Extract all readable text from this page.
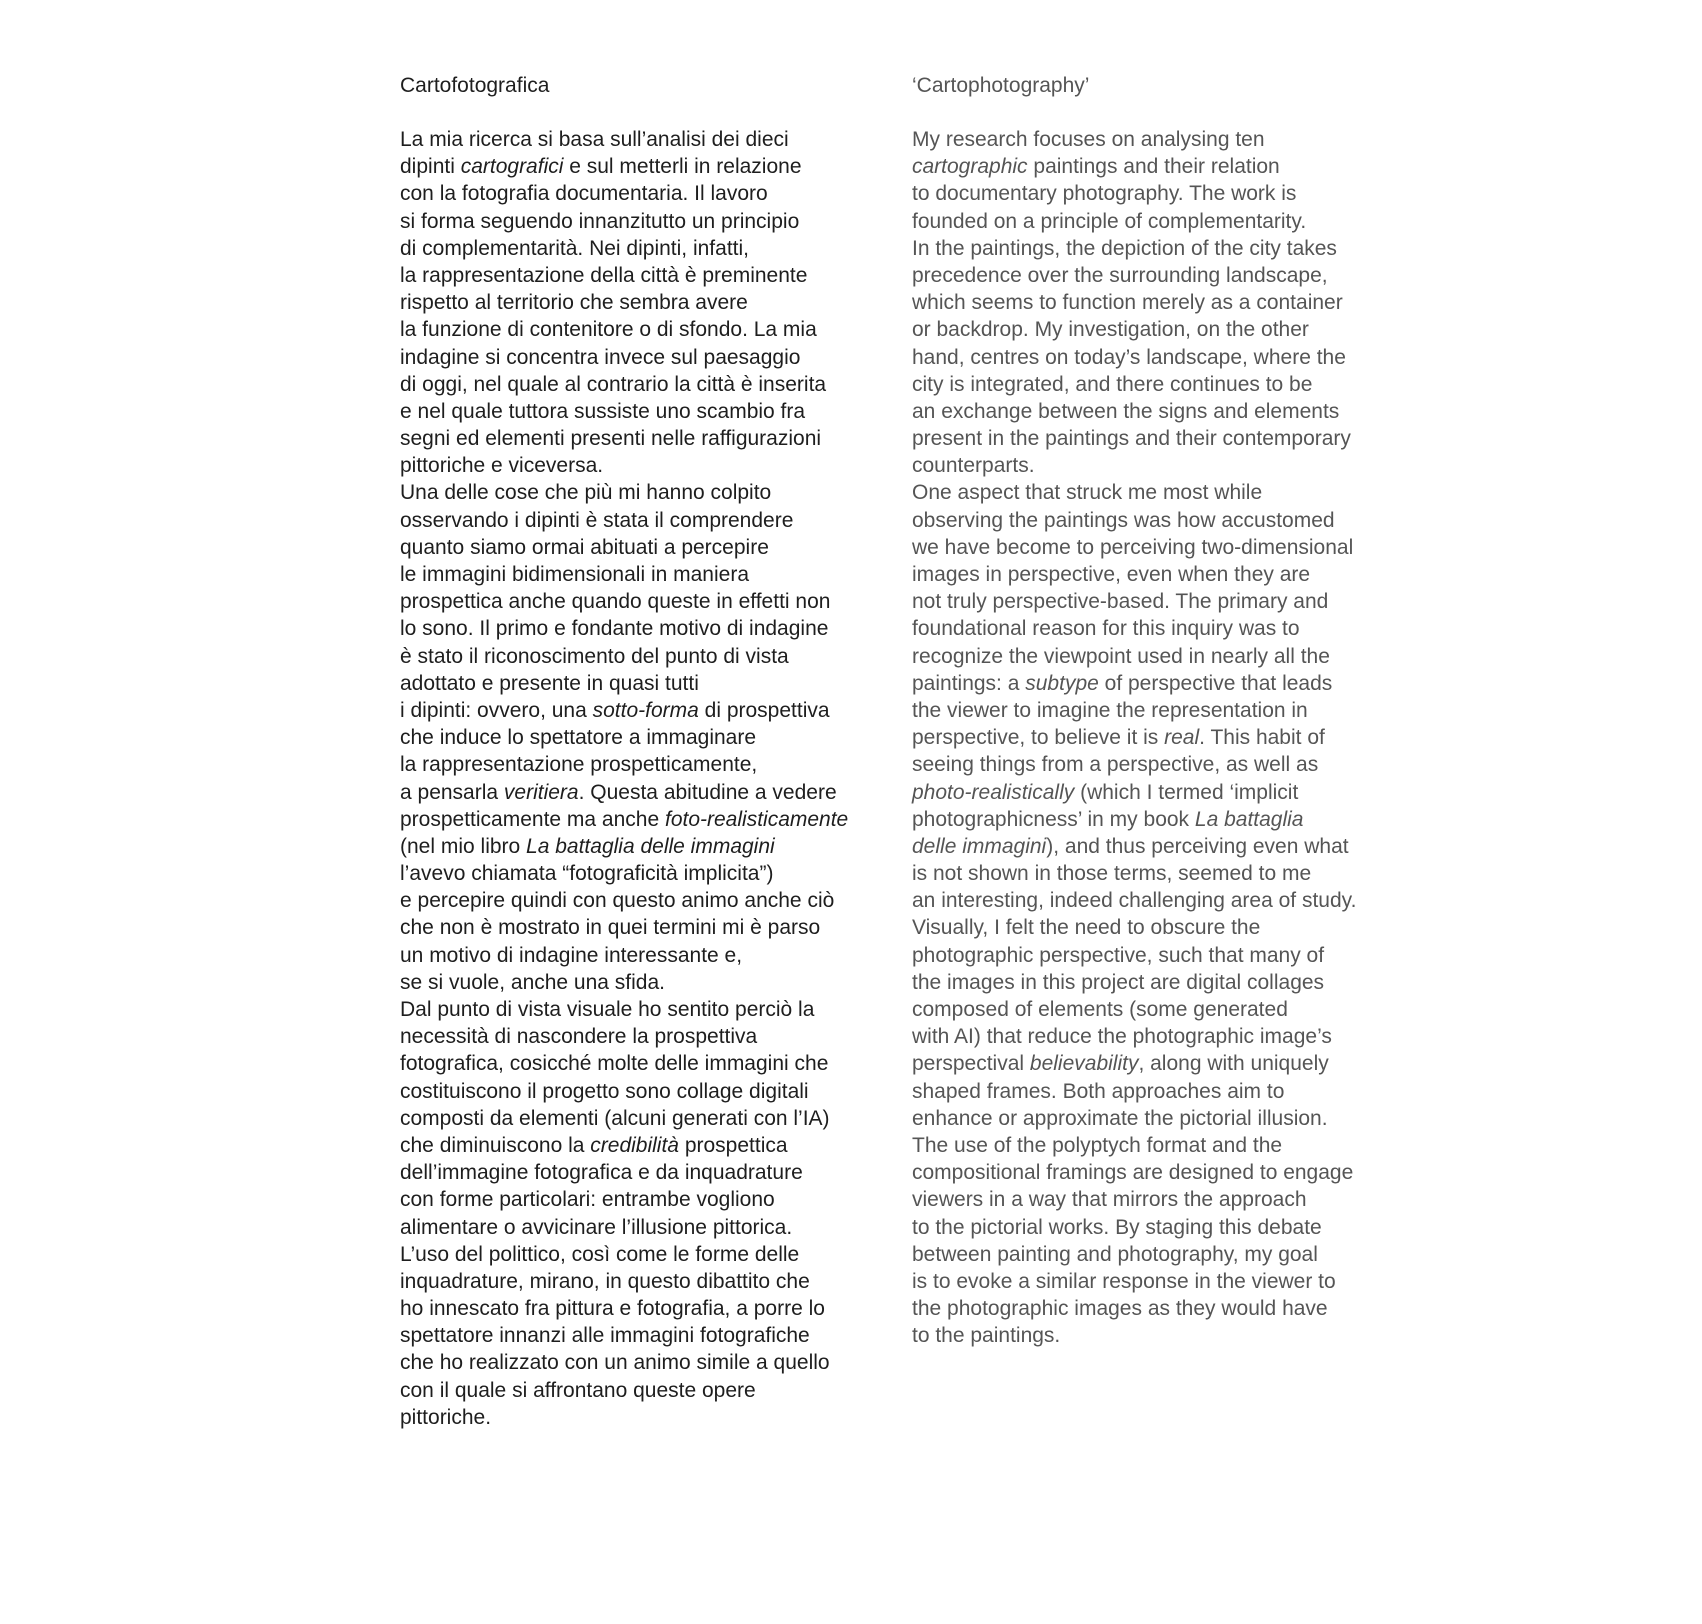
Cartofotografica
La mia ricerca si basa sull’analisi dei dieci
dipinti cartografici e sul metterli in relazione
con la fotografia documentaria. Il lavoro
si forma seguendo innanzitutto un principio
di complementarità. Nei dipinti, infatti,
la rappresentazione della città è preminente
rispetto al territorio che sembra avere
la funzione di contenitore o di sfondo. La mia
indagine si concentra invece sul paesaggio
di oggi, nel quale al contrario la città è inserita
e nel quale tuttora sussiste uno scambio fra
segni ed elementi presenti nelle raffigurazioni
pittoriche e viceversa.
Una delle cose che più mi hanno colpito
osservando i dipinti è stata il comprendere
quanto siamo ormai abituati a percepire
le immagini bidimensionali in maniera
prospettica anche quando queste in effetti non
lo sono. Il primo e fondante motivo di indagine
è stato il riconoscimento del punto di vista
adottato e presente in quasi tutti
i dipinti: ovvero, una sotto-forma di prospettiva
che induce lo spettatore a immaginare
la rappresentazione prospetticamente,
a pensarla veritiera. Questa abitudine a vedere
prospetticamente ma anche foto-realisticamente
(nel mio libro La battaglia delle immagini
l’avevo chiamata “fotograficità implicita”)
e percepire quindi con questo animo anche ciò
che non è mostrato in quei termini mi è parso
un motivo di indagine interessante e,
se si vuole, anche una sfida.
Dal punto di vista visuale ho sentito perciò la
necessità di nascondere la prospettiva
fotografica, cosicché molte delle immagini che
costituiscono il progetto sono collage digitali
composti da elementi (alcuni generati con l’IA)
che diminuiscono la credibilità prospettica
dell’immagine fotografica e da inquadrature
con forme particolari: entrambe vogliono
alimentare o avvicinare l’illusione pittorica.
L’uso del polittico, così come le forme delle
inquadrature, mirano, in questo dibattito che
ho innescato fra pittura e fotografia, a porre lo
spettatore innanzi alle immagini fotografiche
che ho realizzato con un animo simile a quello
con il quale si affrontano queste opere
pittoriche.
‘Cartophotography’
My research focuses on analysing ten
cartographic paintings and their relation
to documentary photography. The work is
founded on a principle of complementarity.
In the paintings, the depiction of the city takes
precedence over the surrounding landscape,
which seems to function merely as a container
or backdrop. My investigation, on the other
hand, centres on today’s landscape, where the
city is integrated, and there continues to be
an exchange between the signs and elements
present in the paintings and their contemporary
counterparts.
One aspect that struck me most while
observing the paintings was how accustomed
we have become to perceiving two-dimensional
images in perspective, even when they are
not truly perspective-based. The primary and
foundational reason for this inquiry was to
recognize the viewpoint used in nearly all the
paintings: a subtype of perspective that leads
the viewer to imagine the representation in
perspective, to believe it is real. This habit of
seeing things from a perspective, as well as
photo-realistically (which I termed ‘implicit
photographicness’ in my book La battaglia
delle immagini), and thus perceiving even what
is not shown in those terms, seemed to me
an interesting, indeed challenging area of study.
Visually, I felt the need to obscure the
photographic perspective, such that many of
the images in this project are digital collages
composed of elements (some generated
with AI) that reduce the photographic image’s
perspectival believability, along with uniquely
shaped frames. Both approaches aim to
enhance or approximate the pictorial illusion.
The use of the polyptych format and the
compositional framings are designed to engage
viewers in a way that mirrors the approach
to the pictorial works. By staging this debate
between painting and photography, my goal
is to evoke a similar response in the viewer to
the photographic images as they would have
to the paintings.
